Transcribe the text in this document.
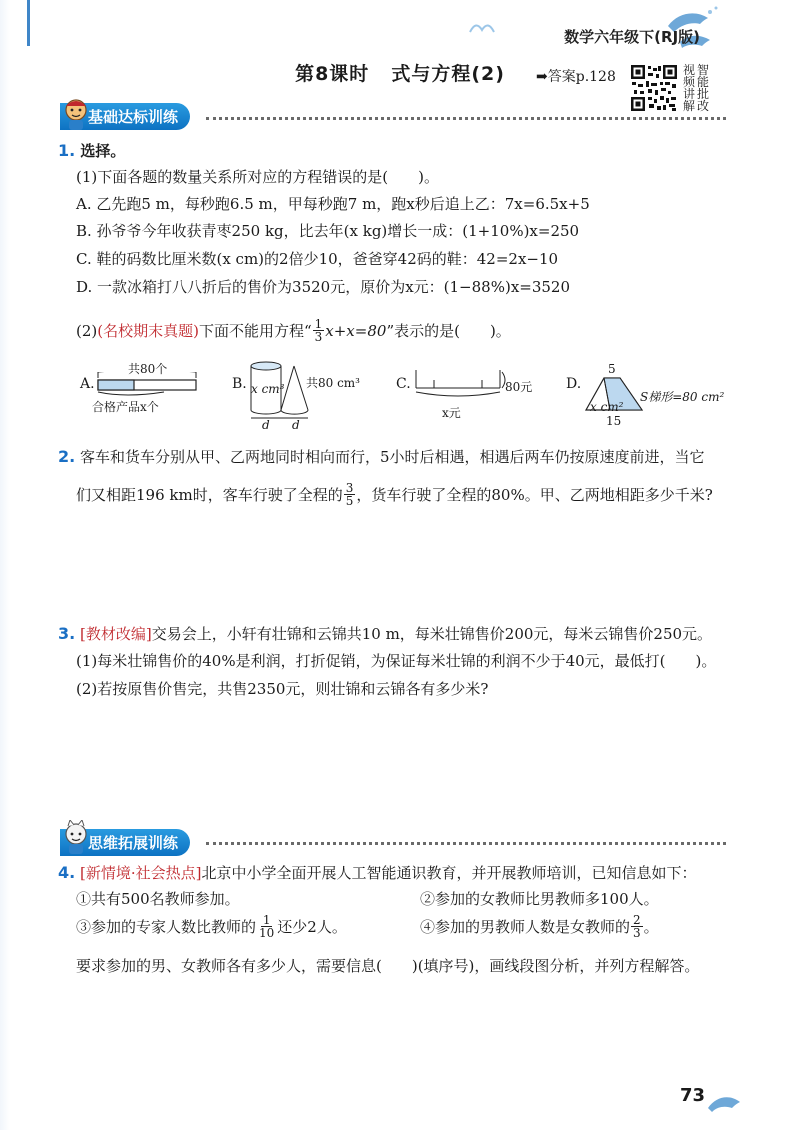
数学六年级下(RJ版)
第8课时 式与方程(2)	➡答案p.128	视 智
频 能
讲 批
解 改
基础达标训练
1. 选择。
(1)下面各题的数量关系所对应的方程错误的是(　　)。
A. 乙先跑5 m，每秒跑6.5 m，甲每秒跑7 m，跑x秒后追上乙：7x=6.5x+5
B. 孙爷爷今年收获青枣250 kg，比去年(x kg)增长一成：(1+10%)x=250
C. 鞋的码数比厘米数(x cm)的2倍少10，爸爸穿42码的鞋：42=2x−10
D. 一款冰箱打八八折后的售价为3520元，原价为x元：(1−88%)x=3520
(2) (名校期末真题) 下面不能用方程“ $\frac{1}{3} x+x=80$ ”表示的是(　　)。
A.
共80个
合格产品x个
B. x cm³ 共80 cm³
d d
C.	80元
x元
D.
5
x cm²
15
S梯形=80 cm²
2. 客车和货车分别从甲、乙两地同时相向而行，5小时后相遇，相遇后两车仍按原速度前进，当它
们又相距196 km时，客车行驶了全程的 $\frac{3}{5}$ ，货车行驶了全程的80%。甲、乙两地相距多少千米?
3. [教材改编]交易会上，小轩有壮锦和云锦共10 m，每米壮锦售价200元，每米云锦售价250元。
(1)每米壮锦售价的40%是利润，打折促销，为保证每米壮锦的利润不少于40元，最低打(　　)。
(2)若按原售价售完，共售2350元，则壮锦和云锦各有多少米?
思维拓展训练
4. [新情境·社会热点]北京中小学全面开展人工智能通识教育，并开展教师培训，已知信息如下：
①共有500名教师参加。	②参加的女教师比男教师多100人。
③参加的专家人数比教师的 $\frac{1}{10}$ 还少2人。	④参加的男教师人数是女教师的 $\frac{2}{3}$ 。
要求参加的男、女教师各有多少人，需要信息(　　)(填序号)，画线段图分析，并列方程解答。
73
